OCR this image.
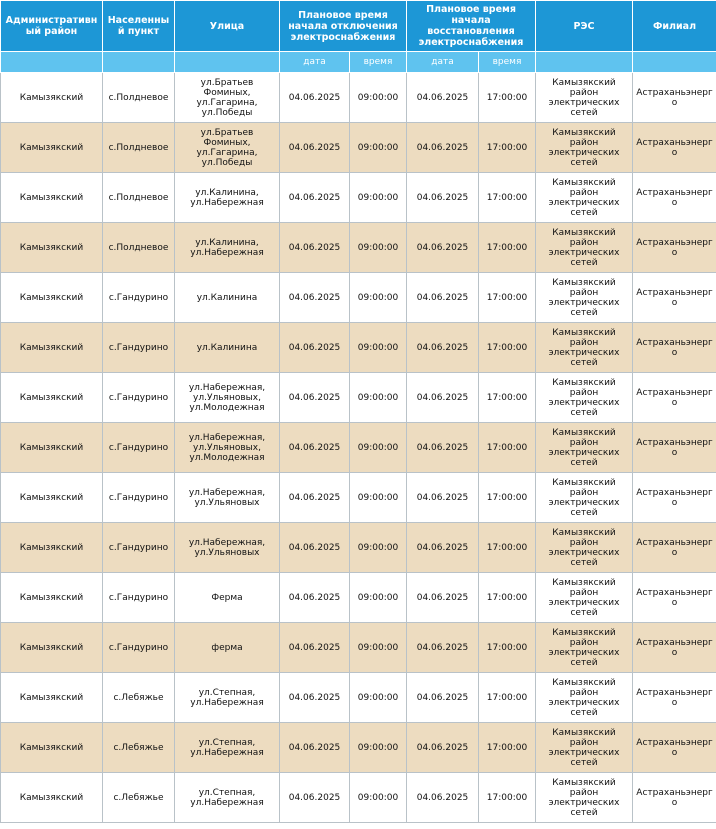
Административный район	Населенный пункт	Улица	Плановое время начала отключения электроснабжения		Плановое время начала восстановления электроснабжения		РЭС	Филиал
			дата	время	дата	время		
Камызякский	с.Полдневое	ул.Братьев Фоминых, ул.Гагарина, ул.Победы	04.06.2025	09:00:00	04.06.2025	17:00:00	Камызякский район электрических сетей	Астраханьэнерго
Камызякский	с.Полдневое	ул.Братьев Фоминых, ул.Гагарина, ул.Победы	04.06.2025	09:00:00	04.06.2025	17:00:00	Камызякский район электрических сетей	Астраханьэнерго
Камызякский	с.Полдневое	ул.Калинина, ул.Набережная	04.06.2025	09:00:00	04.06.2025	17:00:00	Камызякский район электрических сетей	Астраханьэнерго
Камызякский	с.Полдневое	ул.Калинина, ул.Набережная	04.06.2025	09:00:00	04.06.2025	17:00:00	Камызякский район электрических сетей	Астраханьэнерго
Камызякский	с.Гандурино	ул.Калинина	04.06.2025	09:00:00	04.06.2025	17:00:00	Камызякский район электрических сетей	Астраханьэнерго
Камызякский	с.Гандурино	ул.Калинина	04.06.2025	09:00:00	04.06.2025	17:00:00	Камызякский район электрических сетей	Астраханьэнерго
Камызякский	с.Гандурино	ул.Набережная, ул.Ульяновых, ул.Молодежная	04.06.2025	09:00:00	04.06.2025	17:00:00	Камызякский район электрических сетей	Астраханьэнерго
Камызякский	с.Гандурино	ул.Набережная, ул.Ульяновых, ул.Молодежная	04.06.2025	09:00:00	04.06.2025	17:00:00	Камызякский район электрических сетей	Астраханьэнерго
Камызякский	с.Гандурино	ул.Набережная, ул.Ульяновых	04.06.2025	09:00:00	04.06.2025	17:00:00	Камызякский район электрических сетей	Астраханьэнерго
Камызякский	с.Гандурино	ул.Набережная, ул.Ульяновых	04.06.2025	09:00:00	04.06.2025	17:00:00	Камызякский район электрических сетей	Астраханьэнерго
Камызякский	с.Гандурино	Ферма	04.06.2025	09:00:00	04.06.2025	17:00:00	Камызякский район электрических сетей	Астраханьэнерго
Камызякский	с.Гандурино	ферма	04.06.2025	09:00:00	04.06.2025	17:00:00	Камызякский район электрических сетей	Астраханьэнерго
Камызякский	с.Лебяжье	ул.Степная, ул.Набережная	04.06.2025	09:00:00	04.06.2025	17:00:00	Камызякский район электрических сетей	Астраханьэнерго
Камызякский	с.Лебяжье	ул.Степная, ул.Набережная	04.06.2025	09:00:00	04.06.2025	17:00:00	Камызякский район электрических сетей	Астраханьэнерго
Камызякский	с.Лебяжье	ул.Степная, ул.Набережная	04.06.2025	09:00:00	04.06.2025	17:00:00	Камызякский район электрических сетей	Астраханьэнерго
